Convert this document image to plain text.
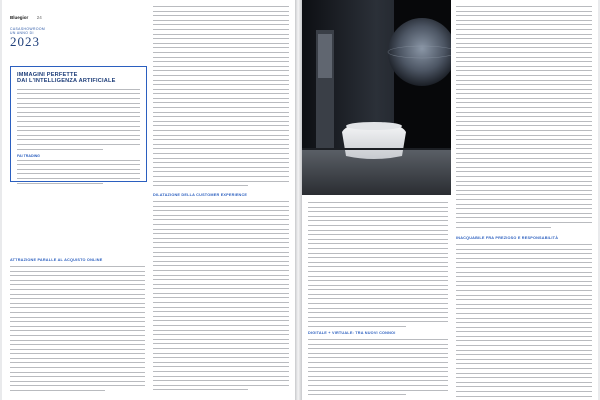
Bluegior 24
CASASHOWROOM
UN ANNO DI
2023
IMMAGINI PERFETTE
DAI L'INTELLIGENZA ARTIFICIALE
FAI TRADING
ATTRAZIONE PARALLE AL ACQUISTO ONLINE
DILATAZIONE DELLA CUSTOMER EXPERIENCE
DIGITALE + VIRTUALE: TRA NUOVI CONNOI
INACQUABILE FRA PREZIOSO E RESPONSABILITÀ
